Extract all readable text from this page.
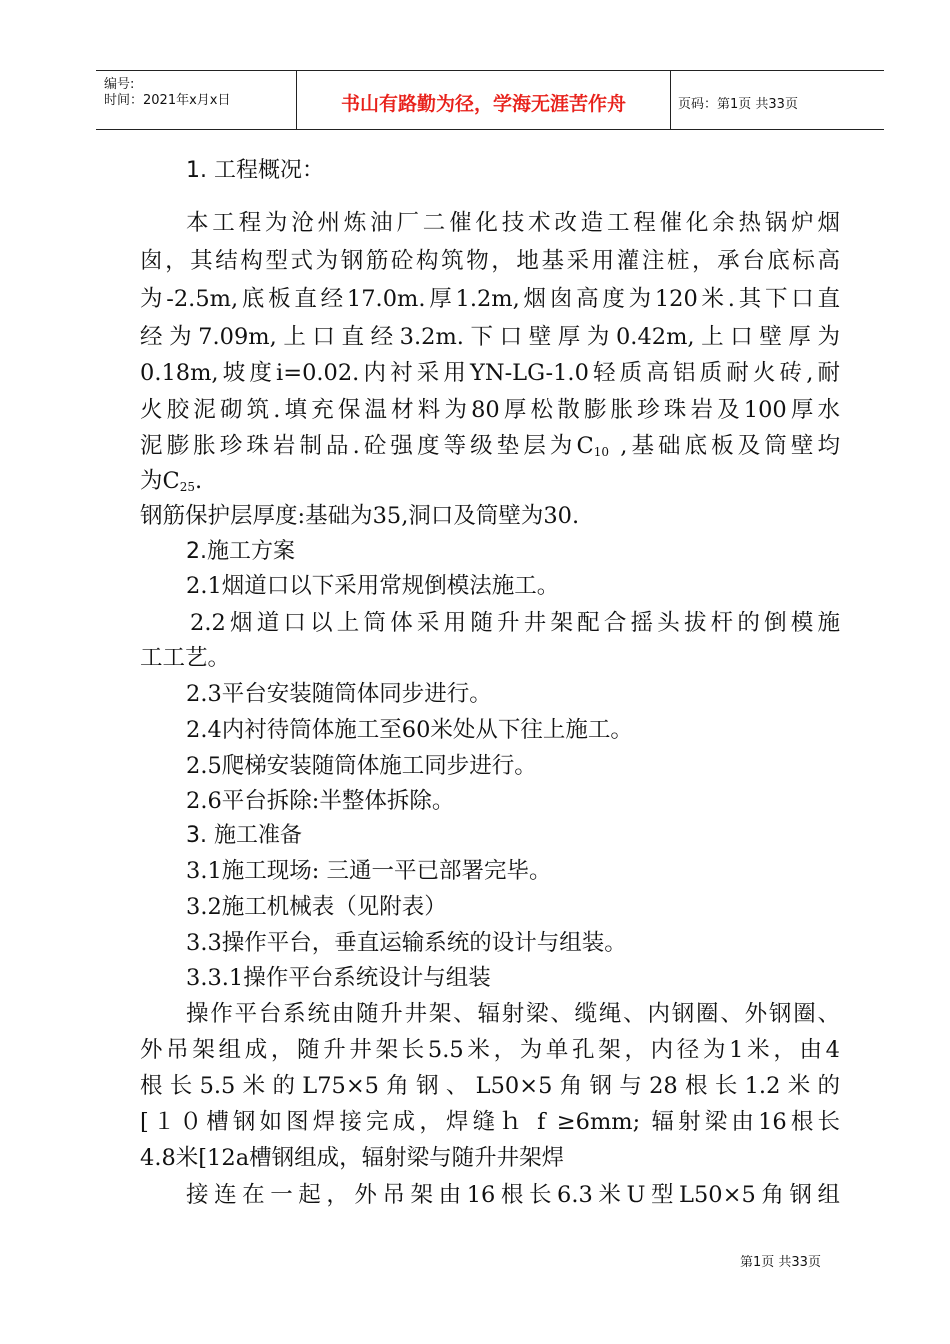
编号:
时间：2021年x月x日	书山有路勤为径，学海无涯苦作舟	页码：第1页 共33页
1. 工程概况：
本工程为沧州炼油厂二催化技术改造工程催化余热锅炉烟
囱，其结构型式为钢筋砼构筑物，地基采用灌注桩，承台底标高
为-2.5m,底板直经17.0m.厚1.2m,烟囱高度为120米.其下口直
经为7.09m,上口直经3.2m.下口壁厚为0.42m,上口壁厚为
0.18m,坡度i=0.02.内衬采用YN-LG-1.0轻质高铝质耐火砖,耐
火胶泥砌筑.填充保温材料为80厚松散膨胀珍珠岩及100厚水
泥膨胀珍珠岩制品.砼强度等级垫层为$C_{10}$ ,基础底板及筒壁均
为$C_{25}$.
钢筋保护层厚度:基础为35,洞口及筒壁为30.
2.施工方案
2.1烟道口以下采用常规倒模法施工。
2.2烟道口以上筒体采用随升井架配合摇头拔杆的倒模施
工工艺。
2.3平台安装随筒体同步进行。
2.4内衬待筒体施工至60米处从下往上施工。
2.5爬梯安装随筒体施工同步进行。
2.6平台拆除:半整体拆除。
3. 施工准备
3.1施工现场: 三通一平已部署完毕。
3.2施工机械表（见附表）
3.3操作平台，垂直运输系统的设计与组装。
3.3.1操作平台系统设计与组装
操作平台系统由随升井架、辐射梁、缆绳、内钢圈、外钢圈、
外吊架组成，随升井架长5.5米，为单孔架，内径为1米，由4
根长5.5米的L75×5角钢、L50×5角钢与28根长1.2米的
[１０槽钢如图焊接完成，焊缝ｈ f ≥6mm; 辐射梁由16根长
4.8米[12a槽钢组成，辐射梁与随升井架焊
接连在一起，外吊架由16根长6.3米U型L50×5角钢组
第1页 共33页
